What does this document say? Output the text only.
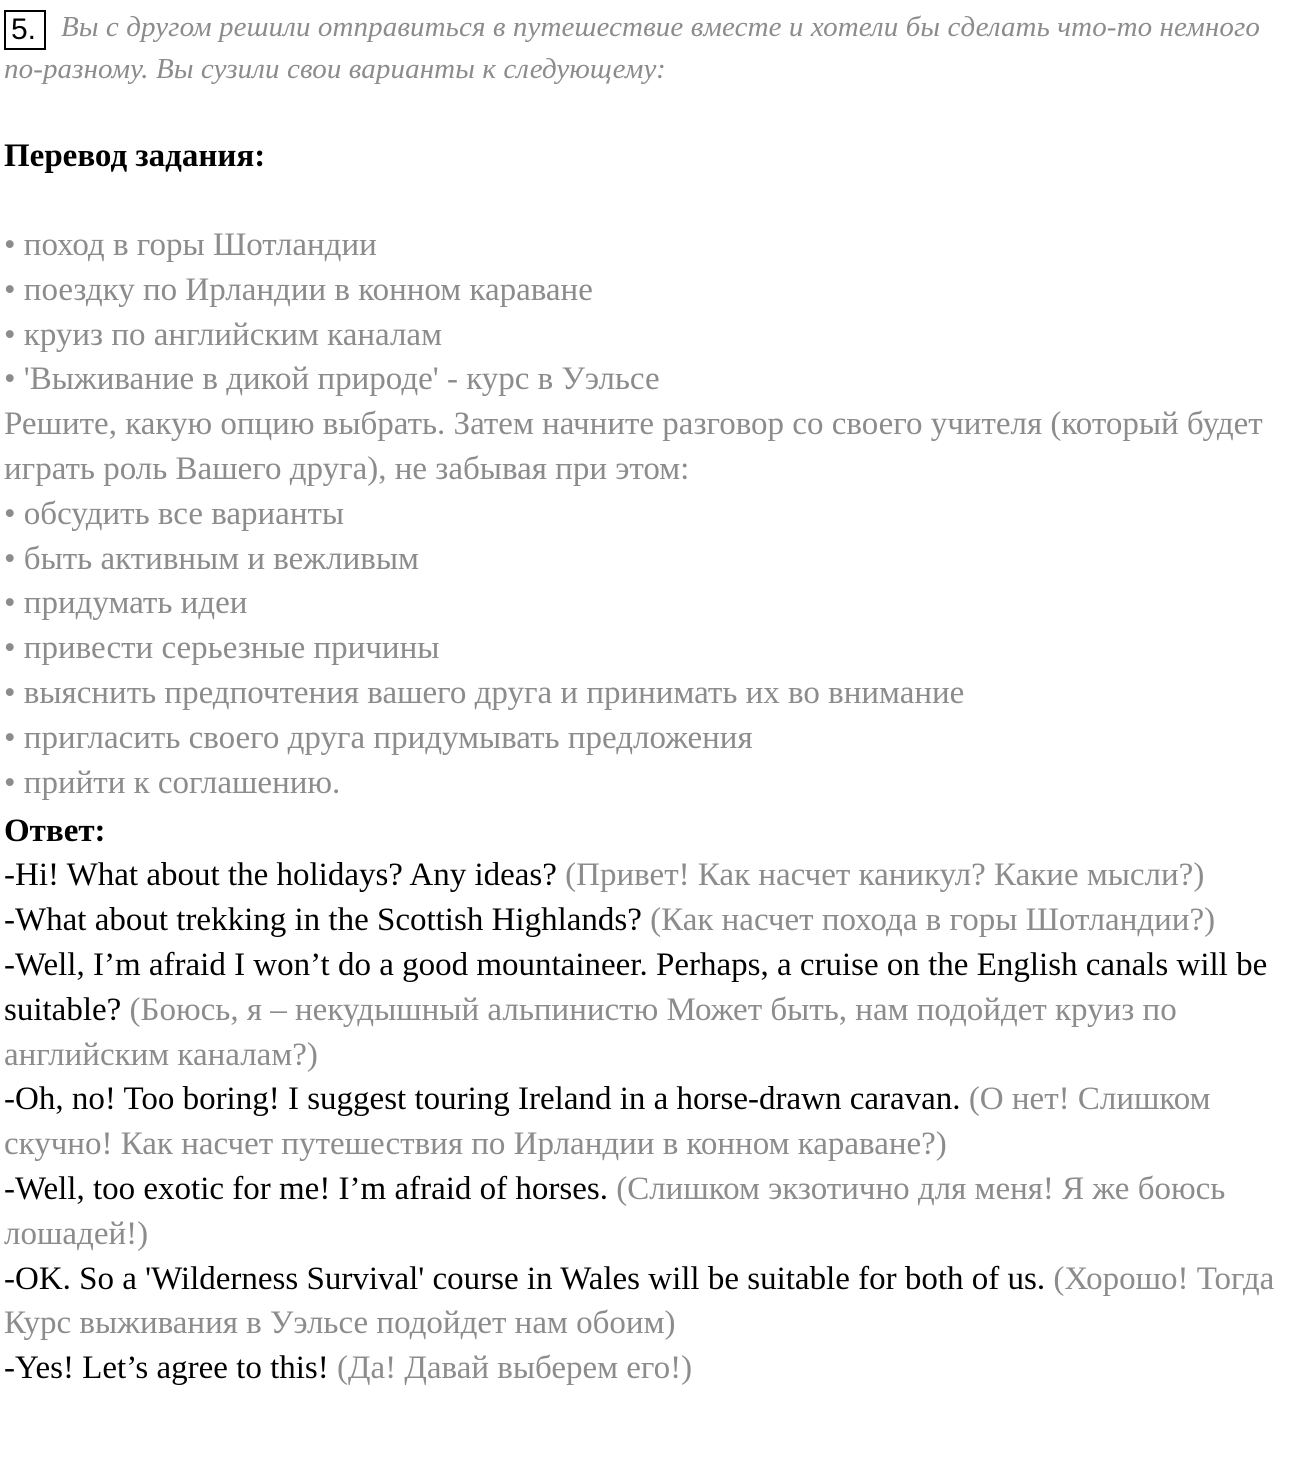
5. Вы с другом решили отправиться в путешествие вместе и хотели бы сделать что-то немного по-разному. Вы сузили свои варианты к следующему:

Перевод задания:
• поход в горы Шотландии
• поездку по Ирландии в конном караване
• круиз по английским каналам
• 'Выживание в дикой природе' - курс в Уэльсе

Решите, какую опцию выбрать. Затем начните разговор со своего учителя (который будет играть роль Вашего друга), не забывая при этом:

• обсудить все варианты
• быть активным и вежливым
• придумать идеи
• привести серьезные причины
• выяснить предпочтения вашего друга и принимать их во внимание
• пригласить своего друга придумывать предложения
• прийти к соглашению.
Ответ:

-Hi! What about the holidays? Any ideas? (Привет! Как насчет каникул? Какие мысли?)

-What about trekking in the Scottish Highlands? (Как насчет похода в горы Шотландии?)

-Well, I’m afraid I won’t do a good mountaineer. Perhaps, a cruise on the English canals will be suitable? (Боюсь, я – некудышный альпинистю Может быть, нам подойдет круиз по английским каналам?)

-Oh, no! Too boring! I suggest touring Ireland in a horse-drawn caravan. (О нет! Слишком скучно! Как насчет путешествия по Ирландии в конном караване?)

-Well, too exotic for me! I’m afraid of horses. (Слишком экзотично для меня! Я же боюсь лошадей!)

-OK. So a 'Wilderness Survival' course in Wales will be suitable for both of us. (Хорошо! Тогда Курс выживания в Уэльсе подойдет нам обоим)

-Yes! Let’s agree to this! (Да! Давай выберем его!)
